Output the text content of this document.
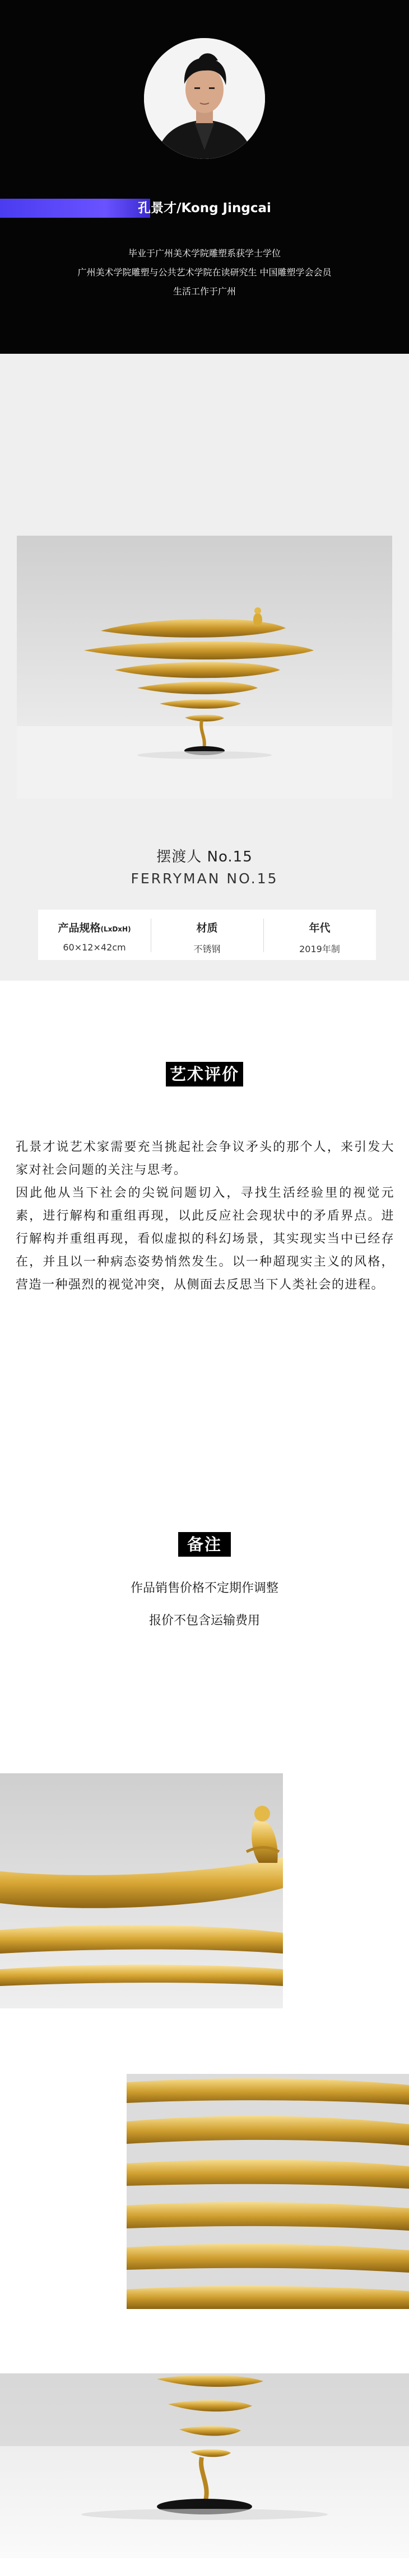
孔景才/Kong Jingcai
毕业于广州美术学院雕塑系获学士学位
广州美术学院雕塑与公共艺术学院在读研究生 中国雕塑学会会员
生活工作于广州
摆渡人 No.15
FERRYMAN NO.15
产品规格(LxDxH)
60×12×42cm
材质
不锈钢
年代
2019年制
艺术评价

孔景才说艺术家需要充当挑起社会争议矛头的那个人，来引发大家对社会问题的关注与思考。

因此他从当下社会的尖锐问题切入，寻找生活经验里的视觉元素，进行解构和重组再现，以此反应社会现状中的矛盾界点。进行解构并重组再现，看似虚拟的科幻场景，其实现实当中已经存在，并且以一种病态姿势悄然发生。以一种超现实主义的风格，营造一种强烈的视觉冲突，从侧面去反思当下人类社会的进程。

备注
作品销售价格不定期作调整
报价不包含运输费用
